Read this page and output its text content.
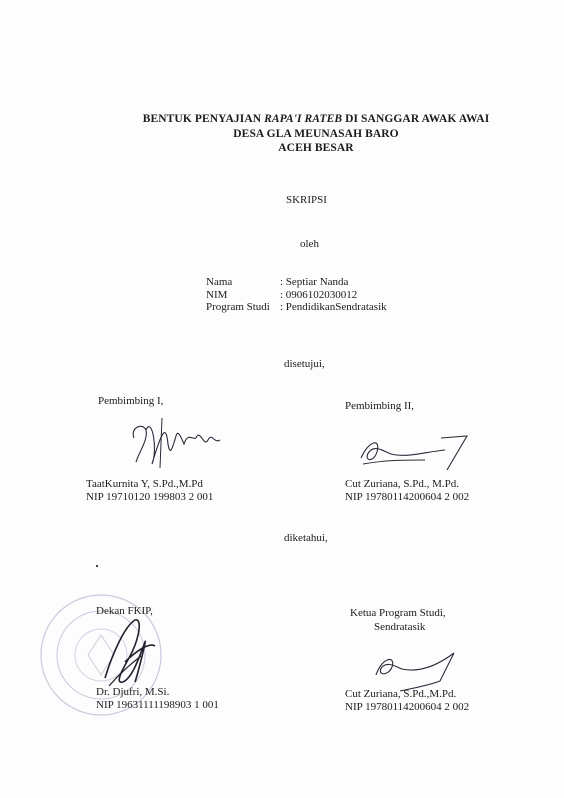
BENTUK PENYAJIAN RAPA'I RATEB DI SANGGAR AWAK AWAI
DESA GLA MEUNASAH BARO
ACEH BESAR
SKRIPSI
oleh
Nama	: Septiar Nanda
NIM	: 0906102030012
Program Studi : PendidikanSendratasik
disetujui,
Pembimbing I,
TaatKurnita Y, S.Pd.,M.Pd
NIP 19710120 199803 2 001
Pembimbing II,
Cut Zuriana, S.Pd., M.Pd.
NIP 19780114200604 2 002
diketahui,
Dekan FKIP,
Dr. Djufri, M.Si.
NIP 19631111198903 1 001
Ketua Program Studi,
Sendratasik
Cut Zuriana, S.Pd.,M.Pd.
NIP 19780114200604 2 002
